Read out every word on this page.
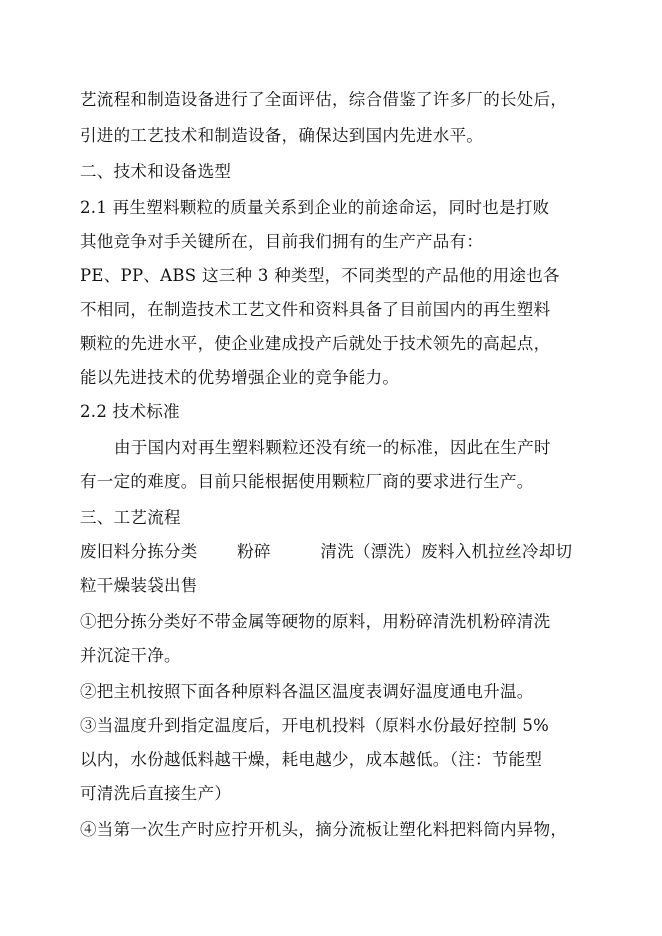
艺流程和制造设备进行了全面评估，综合借鉴了许多厂的长处后，
引进的工艺技术和制造设备，确保达到国内先进水平。
二、技术和设备选型
2.1 再生塑料颗粒的质量关系到企业的前途命运，同时也是打败
其他竞争对手关键所在，目前我们拥有的生产产品有：
PE、PP、ABS 这三种 3 种类型，不同类型的产品他的用途也各
不相同，在制造技术工艺文件和资料具备了目前国内的再生塑料
颗粒的先进水平，使企业建成投产后就处于技术领先的高起点，
能以先进技术的优势增强企业的竞争能力。
2.2 技术标准
由于国内对再生塑料颗粒还没有统一的标准，因此在生产时
有一定的难度。目前只能根据使用颗粒厂商的要求进行生产。
三、工艺流程
废旧料分拣分类 粉碎	清洗（漂洗）废料入机拉丝冷却切
粒干燥装袋出售
①把分拣分类好不带金属等硬物的原料，用粉碎清洗机粉碎清洗
并沉淀干净。
②把主机按照下面各种原料各温区温度表调好温度通电升温。
③当温度升到指定温度后，开电机投料（原料水份最好控制 5%
以内，水份越低料越干燥，耗电越少，成本越低。（注：节能型
可清洗后直接生产）
④当第一次生产时应拧开机头，摘分流板让塑化料把料筒内异物，
